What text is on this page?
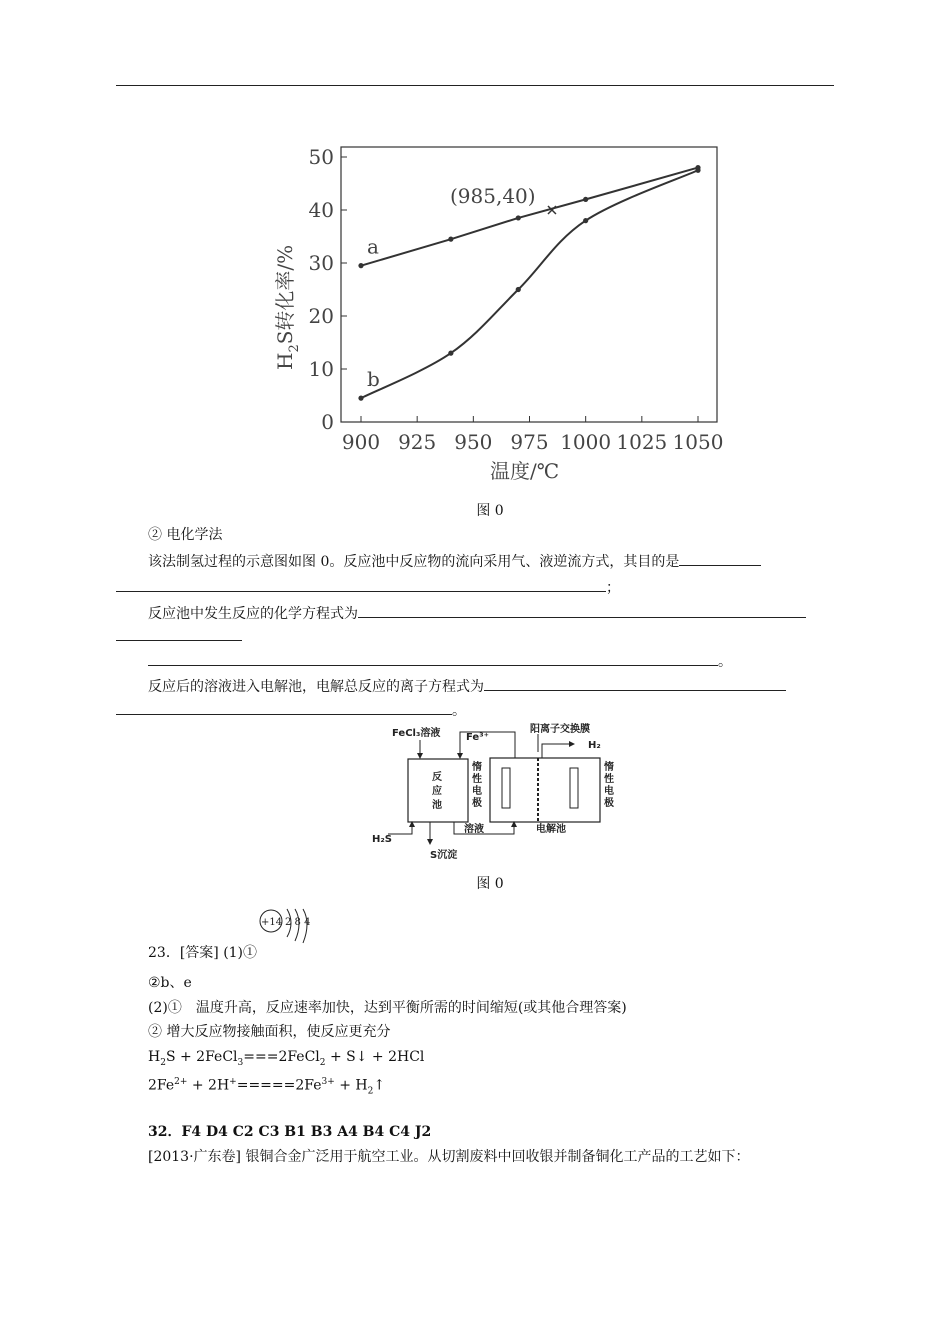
0
10
20
30
40
50
900 925 950 975 1000 1025 1050
a
b
(985,40)
温度/℃
$H_2S$转化率/%
图 0
② 电化学法
该法制氢过程的示意图如图 0。反应池中反应物的流向采用气、液逆流方式，其目的是
；
反应池中发生反应的化学方程式为
。
反应后的溶液进入电解池，电解总反应的离子方程式为
。
FeCl₃溶液	Fe³⁺
阳离子交换膜
H₂
反
应
池
惰
性
电
极
惰
性
电
极
H₂S
溶液	电解池
S沉淀
图 0
+14 2 8 4
23．[答案] (1)①
②b、e
(2)①　温度升高，反应速率加快，达到平衡所需的时间缩短(或其他合理答案)
② 增大反应物接触面积，使反应更充分
$H_2S$ + 2FeCl$_3$===2FeCl$_2$ + S↓ + 2HCl
$2Fe^{2+} + 2H^+=====2Fe^{3+}$ + $H_2↑$
32．F4 D4 C2 C3 B1 B3 A4 B4 C4 J2
[2013·广东卷] 银铜合金广泛用于航空工业。从切割废料中回收银并制备铜化工产品的工艺如下：
